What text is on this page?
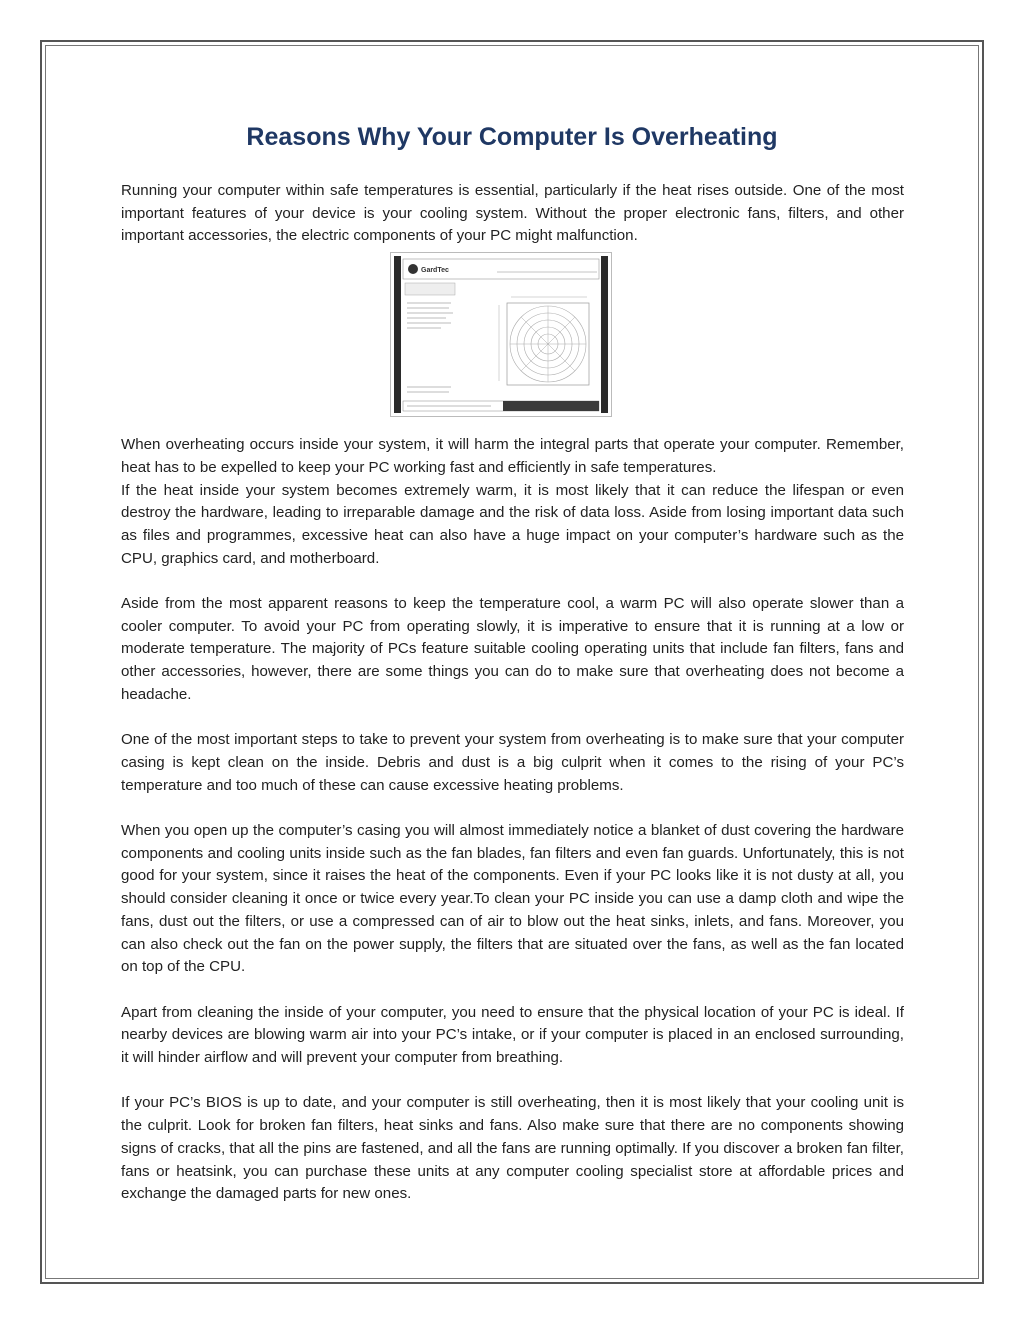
Reasons Why Your Computer Is Overheating

Running your computer within safe temperatures is essential, particularly if the heat rises outside. One of the most important features of your device is your cooling system. Without the proper electronic fans, filters, and other important accessories, the electric components of your PC might malfunction.

GardTec

When overheating occurs inside your system, it will harm the integral parts that operate your computer. Remember, heat has to be expelled to keep your PC working fast and efficiently in safe temperatures.

If the heat inside your system becomes extremely warm, it is most likely that it can reduce the lifespan or even destroy the hardware, leading to irreparable damage and the risk of data loss. Aside from losing important data such as files and programmes, excessive heat can also have a huge impact on your computer’s hardware such as the CPU, graphics card, and motherboard.

Aside from the most apparent reasons to keep the temperature cool, a warm PC will also operate slower than a cooler computer. To avoid your PC from operating slowly, it is imperative to ensure that it is running at a low or moderate temperature. The majority of PCs feature suitable cooling operating units that include fan filters, fans and other accessories, however, there are some things you can do to make sure that overheating does not become a headache.

One of the most important steps to take to prevent your system from overheating is to make sure that your computer casing is kept clean on the inside. Debris and dust is a big culprit when it comes to the rising of your PC’s temperature and too much of these can cause excessive heating problems.

When you open up the computer’s casing you will almost immediately notice a blanket of dust covering the hardware components and cooling units inside such as the fan blades, fan filters and even fan guards. Unfortunately, this is not good for your system, since it raises the heat of the components. Even if your PC looks like it is not dusty at all, you should consider cleaning it once or twice every year.To clean your PC inside you can use a damp cloth and wipe the fans, dust out the filters, or use a compressed can of air to blow out the heat sinks, inlets, and fans. Moreover, you can also check out the fan on the power supply, the filters that are situated over the fans, as well as the fan located on top of the CPU.

Apart from cleaning the inside of your computer, you need to ensure that the physical location of your PC is ideal. If nearby devices are blowing warm air into your PC’s intake, or if your computer is placed in an enclosed surrounding, it will hinder airflow and will prevent your computer from breathing.

If your PC’s BIOS is up to date, and your computer is still overheating, then it is most likely that your cooling unit is the culprit. Look for broken fan filters, heat sinks and fans. Also make sure that there are no components showing signs of cracks, that all the pins are fastened, and all the fans are running optimally. If you discover a broken fan filter, fans or heatsink, you can purchase these units at any computer cooling specialist store at affordable prices and exchange the damaged parts for new ones.
